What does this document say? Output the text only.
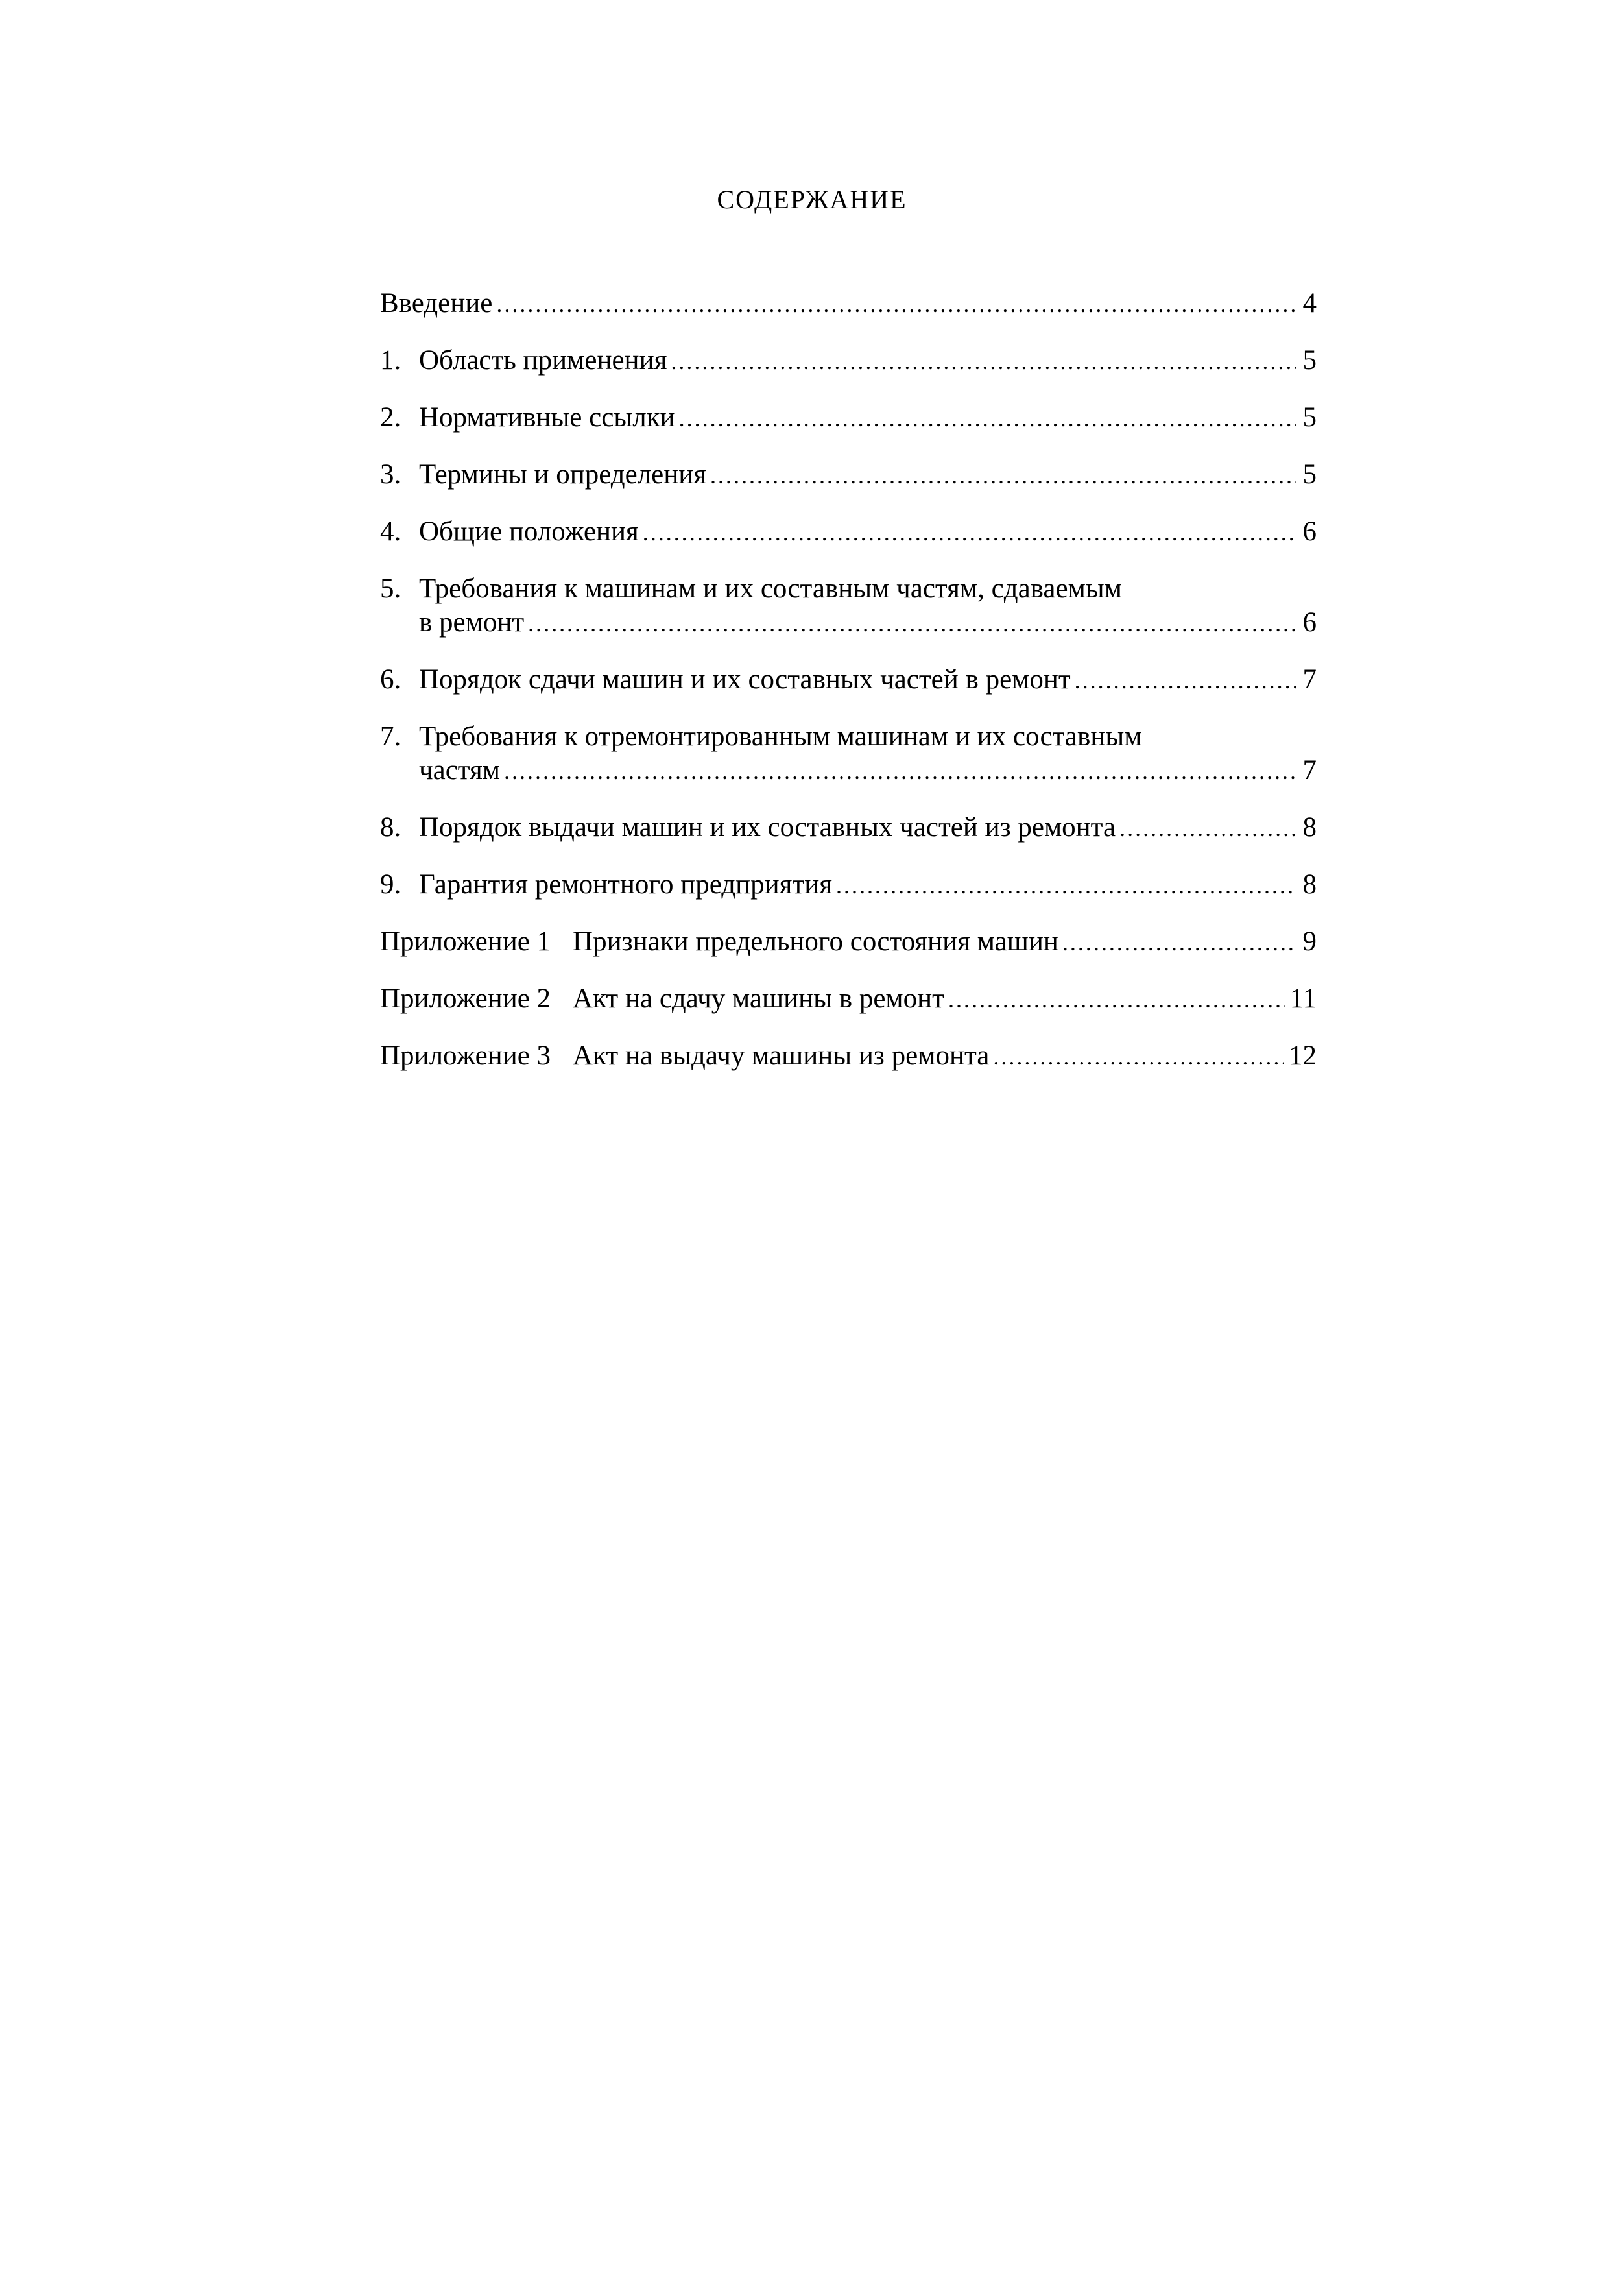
СОДЕРЖАНИЕ
Введение .....	4
1. Область применения .....	5
2. Нормативные ссылки .....	5
3. Термины и определения .....	5
4. Общие положения .....	6
5. Требования к машинам и их составным частям, сдаваемым
в ремонт .....	6
6. Порядок сдачи машин и их составных частей в ремонт .....	7
7. Требования к отремонтированным машинам и их составным
частям .....	7
8. Порядок выдачи машин и их составных частей из ремонта .....	8
9. Гарантия ремонтного предприятия .....	8
Приложение 1 Признаки предельного состояния машин .....	9
Приложение 2 Акт на сдачу машины в ремонт .....	11
Приложение 3 Акт на выдачу машины из ремонта .....	12
